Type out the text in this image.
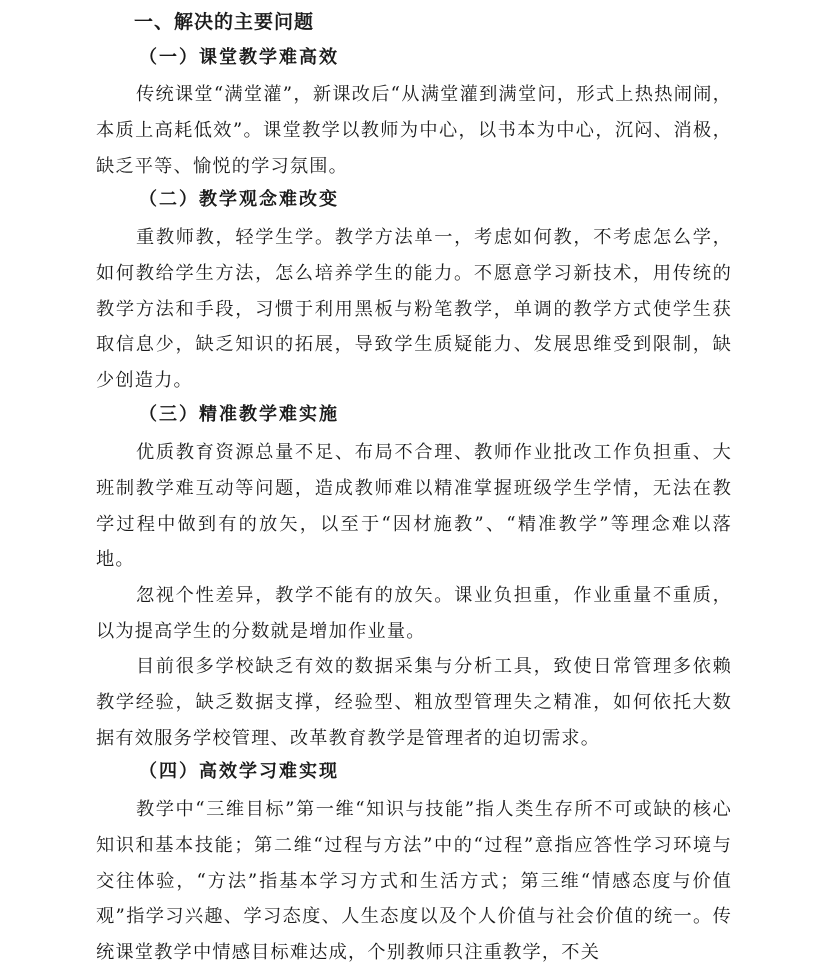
一、解决的主要问题
（一）课堂教学难高效

传统课堂“满堂灌”，新课改后“从满堂灌到满堂问，形式上热热闹闹，本质上高耗低效”。课堂教学以教师为中心，以书本为中心，沉闷、消极，缺乏平等、愉悦的学习氛围。

（二）教学观念难改变

重教师教，轻学生学。教学方法单一，考虑如何教，不考虑怎么学，如何教给学生方法，怎么培养学生的能力。不愿意学习新技术，用传统的教学方法和手段，习惯于利用黑板与粉笔教学，单调的教学方式使学生获取信息少，缺乏知识的拓展，导致学生质疑能力、发展思维受到限制，缺少创造力。

（三）精准教学难实施

优质教育资源总量不足、布局不合理、教师作业批改工作负担重、大班制教学难互动等问题，造成教师难以精准掌握班级学生学情，无法在教学过程中做到有的放矢，以至于“因材施教”、“精准教学”等理念难以落地。

忽视个性差异，教学不能有的放矢。课业负担重，作业重量不重质，以为提高学生的分数就是增加作业量。

目前很多学校缺乏有效的数据采集与分析工具，致使日常管理多依赖教学经验，缺乏数据支撑，经验型、粗放型管理失之精准，如何依托大数据有效服务学校管理、改革教育教学是管理者的迫切需求。

（四）高效学习难实现

教学中“三维目标”第一维“知识与技能”指人类生存所不可或缺的核心知识和基本技能；第二维“过程与方法”中的“过程”意指应答性学习环境与交往体验，“方法”指基本学习方式和生活方式；第三维“情感态度与价值观”指学习兴趣、学习态度、人生态度以及个人价值与社会价值的统一。传统课堂教学中情感目标难达成，个别教师只注重教学，不关
